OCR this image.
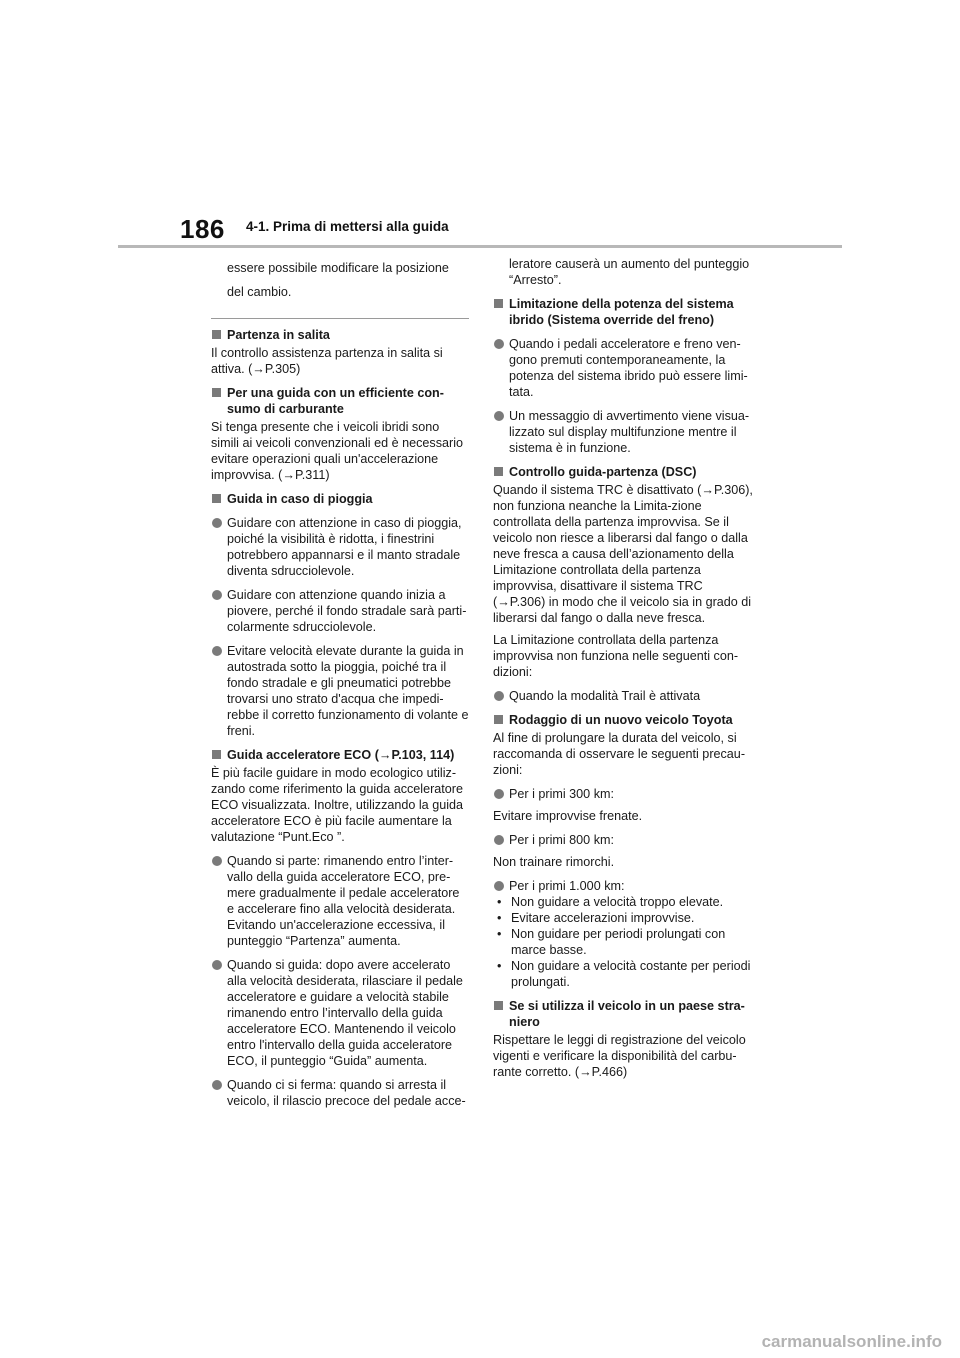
186 4-1. Prima di mettersi alla guida
essere possibile modificare la posizione
del cambio.
Partenza in salita
Il controllo assistenza partenza in salita si attiva. (→P.305)
Per una guida con un efficiente con-sumo di carburante
Si tenga presente che i veicoli ibridi sono simili ai veicoli convenzionali ed è necessario evitare operazioni quali un'accelerazione improvvisa. (→P.311)
Guida in caso di pioggia
Guidare con attenzione in caso di pioggia, poiché la visibilità è ridotta, i finestrini potrebbero appannarsi e il manto stradale diventa sdrucciolevole.
Guidare con attenzione quando inizia a piovere, perché il fondo stradale sarà parti-colarmente sdrucciolevole.
Evitare velocità elevate durante la guida in autostrada sotto la pioggia, poiché tra il fondo stradale e gli pneumatici potrebbe trovarsi uno strato d'acqua che impedi-rebbe il corretto funzionamento di volante e freni.
Guida acceleratore ECO (→P.103, 114)
È più facile guidare in modo ecologico utiliz-zando come riferimento la guida acceleratore ECO visualizzata. Inoltre, utilizzando la guida acceleratore ECO è più facile aumentare la valutazione “Punt.Eco ”.
Quando si parte: rimanendo entro l’inter-vallo della guida acceleratore ECO, pre-mere gradualmente il pedale acceleratore e accelerare fino alla velocità desiderata. Evitando un'accelerazione eccessiva, il punteggio “Partenza” aumenta.
Quando si guida: dopo avere accelerato alla velocità desiderata, rilasciare il pedale acceleratore e guidare a velocità stabile rimanendo entro l’intervallo della guida acceleratore ECO. Mantenendo il veicolo entro l'intervallo della guida acceleratore ECO, il punteggio “Guida” aumenta.
Quando ci si ferma: quando si arresta il veicolo, il rilascio precoce del pedale acce-
leratore causerà un aumento del punteggio “Arresto”.
Limitazione della potenza del sistema ibrido (Sistema override del freno)
Quando i pedali acceleratore e freno ven-gono premuti contemporaneamente, la potenza del sistema ibrido può essere limi-tata.
Un messaggio di avvertimento viene visua-lizzato sul display multifunzione mentre il sistema è in funzione.
Controllo guida-partenza (DSC)
Quando il sistema TRC è disattivato (→P.306), non funziona neanche la Limita-zione controllata della partenza improvvisa. Se il veicolo non riesce a liberarsi dal fango o dalla neve fresca a causa dell’azionamento della Limitazione controllata della partenza improvvisa, disattivare il sistema TRC (→P.306) in modo che il veicolo sia in grado di liberarsi dal fango o dalla neve fresca.
La Limitazione controllata della partenza improvvisa non funziona nelle seguenti con-dizioni:
Quando la modalità Trail è attivata
Rodaggio di un nuovo veicolo Toyota
Al fine di prolungare la durata del veicolo, si raccomanda di osservare le seguenti precau-zioni:
Per i primi 300 km:
Evitare improvvise frenate.
Per i primi 800 km:
Non trainare rimorchi.
Per i primi 1.000 km:
• Non guidare a velocità troppo elevate.
• Evitare accelerazioni improvvise.
• Non guidare per periodi prolungati con marce basse.
• Non guidare a velocità costante per periodi prolungati.
Se si utilizza il veicolo in un paese stra-niero
Rispettare le leggi di registrazione del veicolo vigenti e verificare la disponibilità del carbu-rante corretto. (→P.466)
carmanualsonline.info
